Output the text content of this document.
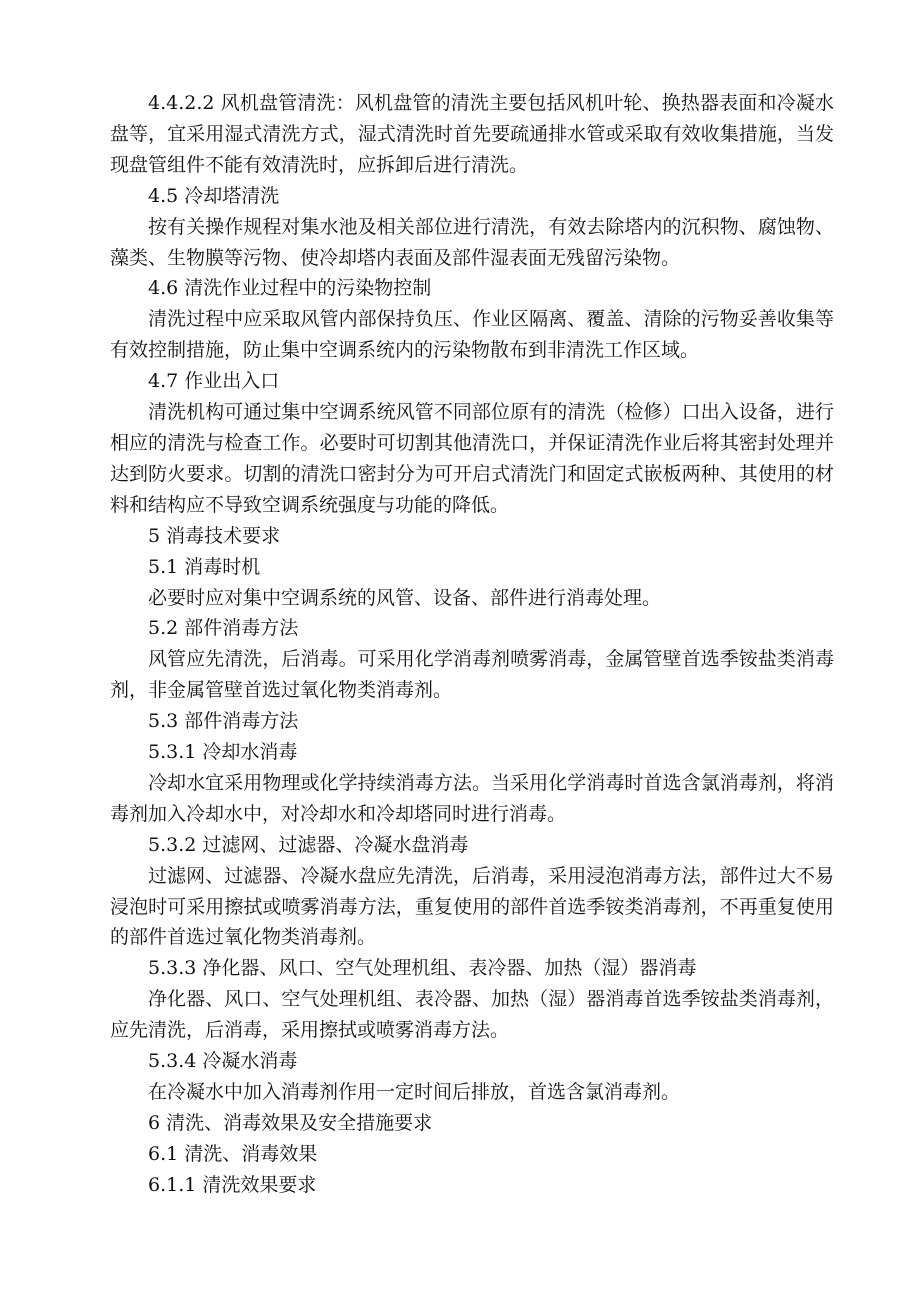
4.4.2.2 风机盘管清洗：风机盘管的清洗主要包括风机叶轮、换热器表面和冷凝水盘等，宜采用湿式清洗方式，湿式清洗时首先要疏通排水管或采取有效收集措施，当发现盘管组件不能有效清洗时，应拆卸后进行清洗。

4.5 冷却塔清洗

按有关操作规程对集水池及相关部位进行清洗，有效去除塔内的沉积物、腐蚀物、藻类、生物膜等污物、使冷却塔内表面及部件湿表面无残留污染物。

4.6 清洗作业过程中的污染物控制

清洗过程中应采取风管内部保持负压、作业区隔离、覆盖、清除的污物妥善收集等有效控制措施，防止集中空调系统内的污染物散布到非清洗工作区域。

4.7 作业出入口

清洗机构可通过集中空调系统风管不同部位原有的清洗（检修）口出入设备，进行相应的清洗与检查工作。必要时可切割其他清洗口，并保证清洗作业后将其密封处理并达到防火要求。切割的清洗口密封分为可开启式清洗门和固定式嵌板两种、其使用的材料和结构应不导致空调系统强度与功能的降低。

5 消毒技术要求

5.1 消毒时机

必要时应对集中空调系统的风管、设备、部件进行消毒处理。

5.2 部件消毒方法

风管应先清洗，后消毒。可采用化学消毒剂喷雾消毒，金属管壁首选季铵盐类消毒剂，非金属管壁首选过氧化物类消毒剂。

5.3 部件消毒方法

5.3.1 冷却水消毒

冷却水宜采用物理或化学持续消毒方法。当采用化学消毒时首选含氯消毒剂，将消毒剂加入冷却水中，对冷却水和冷却塔同时进行消毒。

5.3.2 过滤网、过滤器、冷凝水盘消毒

过滤网、过滤器、冷凝水盘应先清洗，后消毒，采用浸泡消毒方法，部件过大不易浸泡时可采用擦拭或喷雾消毒方法，重复使用的部件首选季铵类消毒剂，不再重复使用的部件首选过氧化物类消毒剂。

5.3.3 净化器、风口、空气处理机组、表冷器、加热（湿）器消毒

净化器、风口、空气处理机组、表冷器、加热（湿）器消毒首选季铵盐类消毒剂，应先清洗，后消毒，采用擦拭或喷雾消毒方法。

5.3.4 冷凝水消毒

在冷凝水中加入消毒剂作用一定时间后排放，首选含氯消毒剂。

6 清洗、消毒效果及安全措施要求

6.1 清洗、消毒效果

6.1.1 清洗效果要求
